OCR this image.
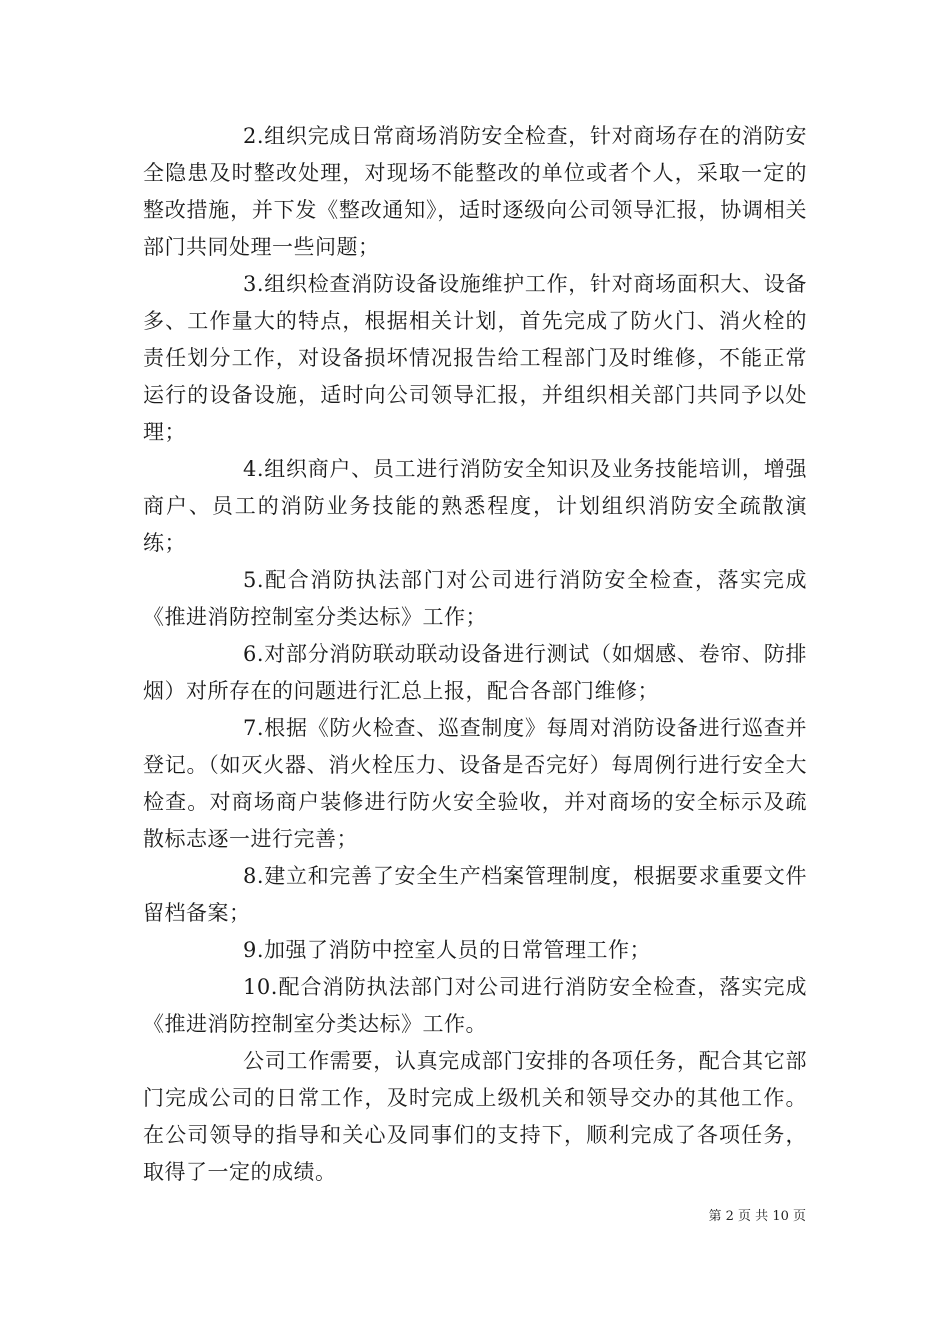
2.组织完成日常商场消防安全检查，针对商场存在的消防安全隐患及时整改处理，对现场不能整改的单位或者个人，采取一定的整改措施，并下发《整改通知》，适时逐级向公司领导汇报，协调相关部门共同处理一些问题；

3.组织检查消防设备设施维护工作，针对商场面积大、设备多、工作量大的特点，根据相关计划，首先完成了防火门、消火栓的责任划分工作，对设备损坏情况报告给工程部门及时维修，不能正常运行的设备设施，适时向公司领导汇报，并组织相关部门共同予以处理；

4.组织商户、员工进行消防安全知识及业务技能培训，增强商户、员工的消防业务技能的熟悉程度，计划组织消防安全疏散演练；

5.配合消防执法部门对公司进行消防安全检查，落实完成《推进消防控制室分类达标》工作；

6.对部分消防联动联动设备进行测试（如烟感、卷帘、防排烟）对所存在的问题进行汇总上报，配合各部门维修；

7.根据《防火检查、巡查制度》每周对消防设备进行巡查并登记。（如灭火器、消火栓压力、设备是否完好）每周例行进行安全大检查。对商场商户装修进行防火安全验收，并对商场的安全标示及疏散标志逐一进行完善；

8.建立和完善了安全生产档案管理制度，根据要求重要文件留档备案；

9.加强了消防中控室人员的日常管理工作；

10.配合消防执法部门对公司进行消防安全检查，落实完成《推进消防控制室分类达标》工作。

公司工作需要，认真完成部门安排的各项任务，配合其它部门完成公司的日常工作，及时完成上级机关和领导交办的其他工作。在公司领导的指导和关心及同事们的支持下，顺利完成了各项任务，取得了一定的成绩。

第 2 页 共 10 页
